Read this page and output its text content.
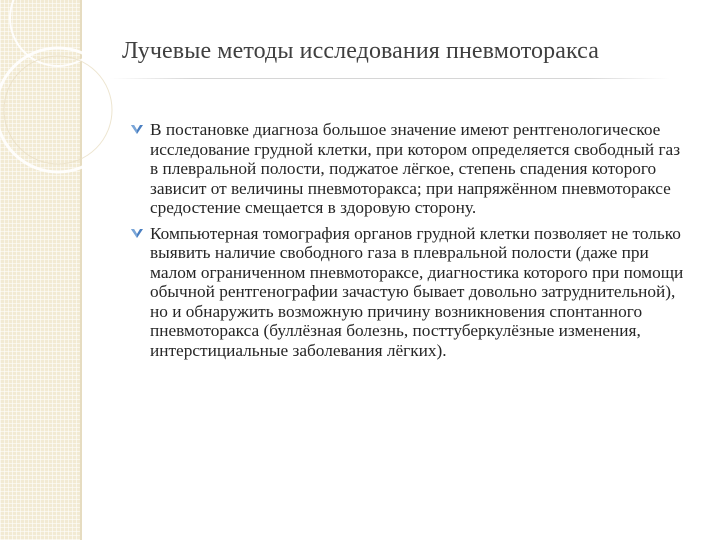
Лучевые методы исследования пневмоторакса

В постановке диагноза большое значение имеют рентгенологическое исследование грудной клетки, при котором определяется свободный газ в плевральной полости, поджатое лёгкое, степень спадения которого зависит от величины пневмоторакса; при напряжённом пневмотораксе средостение смещается в здоровую сторону.

Компьютерная томография органов грудной клетки позволяет не только выявить наличие свободного газа в плевральной полости (даже при малом ограниченном пневмотораксе, диагностика которого при помощи обычной рентгенографии зачастую бывает довольно затруднительной), но и обнаружить возможную причину возникновения спонтанного пневмоторакса (буллёзная болезнь, посттуберкулёзные изменения, интерстициальные заболевания лёгких).
